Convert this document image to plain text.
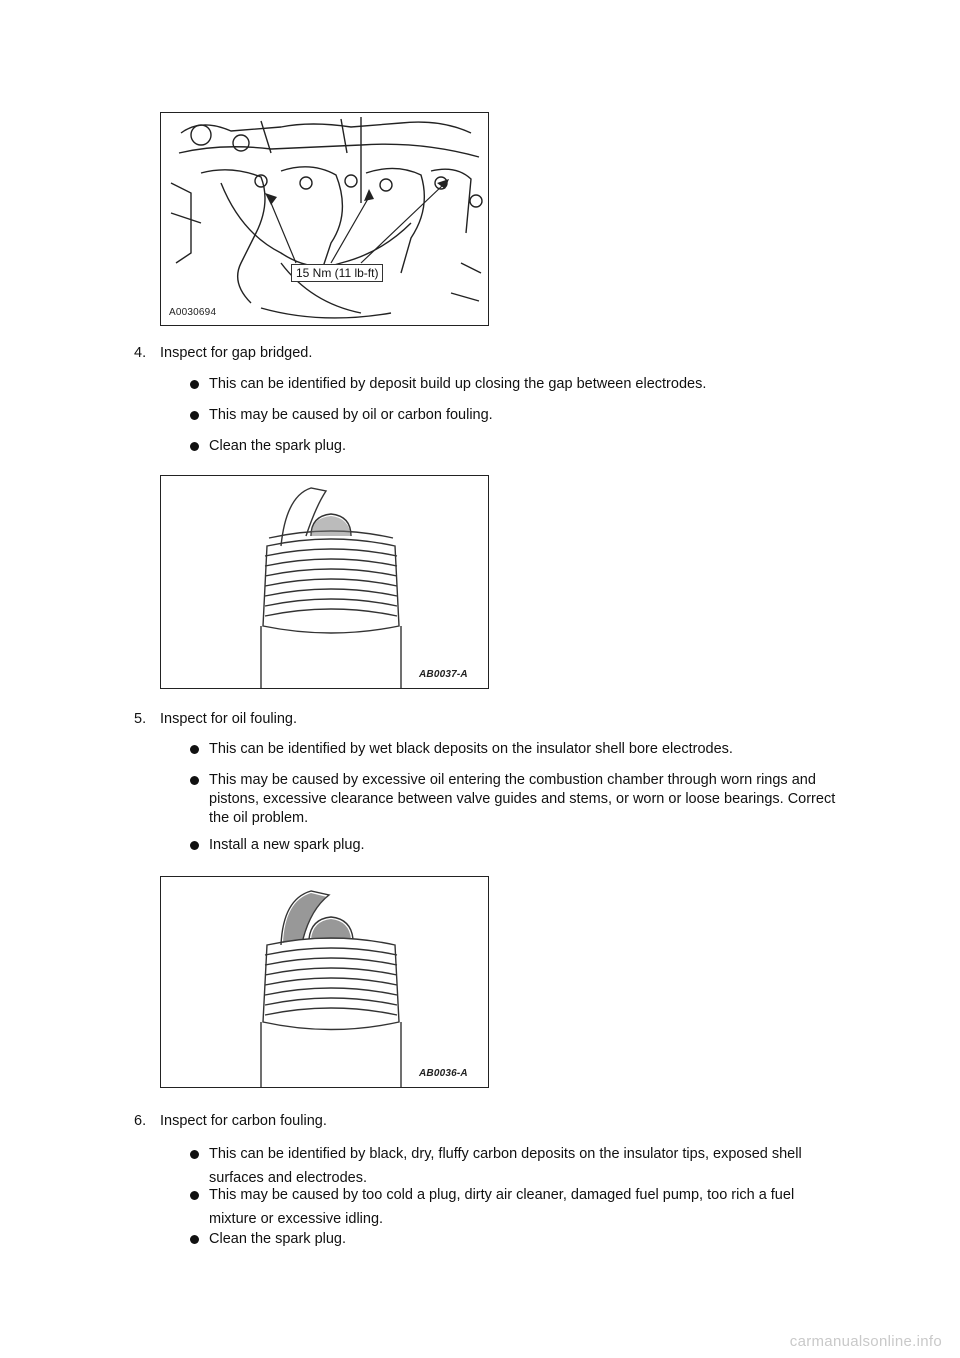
15 Nm (11 lb-ft)
A0030694
4. Inspect for gap bridged.
This can be identified by deposit build up closing the gap between electrodes.
This may be caused by oil or carbon fouling.
Clean the spark plug.
AB0037-A
5. Inspect for oil fouling.
This can be identified by wet black deposits on the insulator shell bore electrodes.
This may be caused by excessive oil entering the combustion chamber through worn rings and pistons, excessive clearance between valve guides and stems, or worn or loose bearings. Correct the oil problem.
Install a new spark plug.
AB0036-A
6. Inspect for carbon fouling.
This can be identified by black, dry, fluffy carbon deposits on the insulator tips, exposed shell surfaces and electrodes.
This may be caused by too cold a plug, dirty air cleaner, damaged fuel pump, too rich a fuel mixture or excessive idling.
Clean the spark plug.
carmanualsonline.info
